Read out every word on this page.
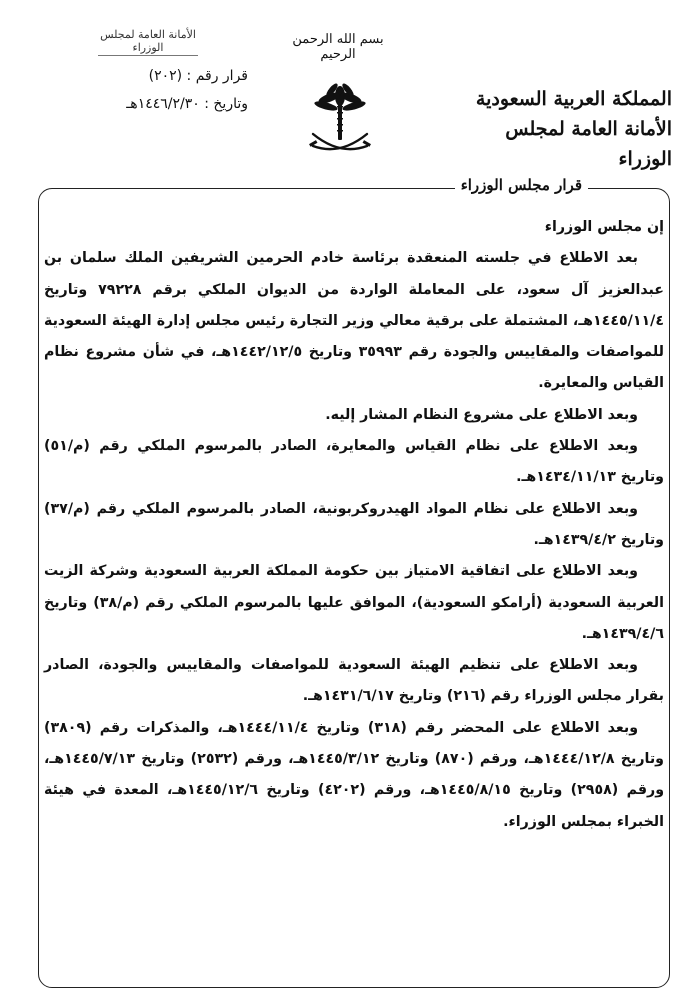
الأمانة العامة لمجلس الوزراء
قرار رقم : (٢٠٢)
وتاريخ : ١٤٤٦/٢/٣٠هـ
بسم الله الرحمن الرحيم
المملكة العربية السعودية
الأمانة العامة لمجلس الوزراء
قرار مجلس الوزراء

إن مجلس الوزراء

بعد الاطلاع في جلسته المنعقدة برئاسة خادم الحرمين الشريفين الملك سلمان بن عبدالعزيز آل سعود، على المعاملة الواردة من الديوان الملكي برقم ٧٩٢٢٨ وتاريخ ١٤٤٥/١١/٤هـ، المشتملة على برقية معالي وزير التجارة رئيس مجلس إدارة الهيئة السعودية للمواصفات والمقاييس والجودة رقم ٣٥٩٩٣ وتاريخ ١٤٤٢/١٢/٥هـ، في شأن مشروع نظام القياس والمعايرة.

وبعد الاطلاع على مشروع النظام المشار إليه.

وبعد الاطلاع على نظام القياس والمعايرة، الصادر بالمرسوم الملكي رقم (م/٥١) وتاريخ ١٤٣٤/١١/١٣هـ.

وبعد الاطلاع على نظام المواد الهيدروكربونية، الصادر بالمرسوم الملكي رقم (م/٣٧) وتاريخ ١٤٣٩/٤/٢هـ.

وبعد الاطلاع على اتفاقية الامتياز بين حكومة المملكة العربية السعودية وشركة الزيت العربية السعودية (أرامكو السعودية)، الموافق عليها بالمرسوم الملكي رقم (م/٣٨) وتاريخ ١٤٣٩/٤/٦هـ.

وبعد الاطلاع على تنظيم الهيئة السعودية للمواصفات والمقاييس والجودة، الصادر بقرار مجلس الوزراء رقم (٢١٦) وتاريخ ١٤٣١/٦/١٧هـ.

وبعد الاطلاع على المحضر رقم (٣١٨) وتاريخ ١٤٤٤/١١/٤هـ، والمذكرات رقم (٣٨٠٩) وتاريخ ١٤٤٤/١٢/٨هـ، ورقم (٨٧٠) وتاريخ ١٤٤٥/٣/١٢هـ، ورقم (٢٥٣٢) وتاريخ ١٤٤٥/٧/١٣هـ، ورقم (٢٩٥٨) وتاريخ ١٤٤٥/٨/١٥هـ، ورقم (٤٢٠٢) وتاريخ ١٤٤٥/١٢/٦هـ، المعدة في هيئة الخبراء بمجلس الوزراء.
